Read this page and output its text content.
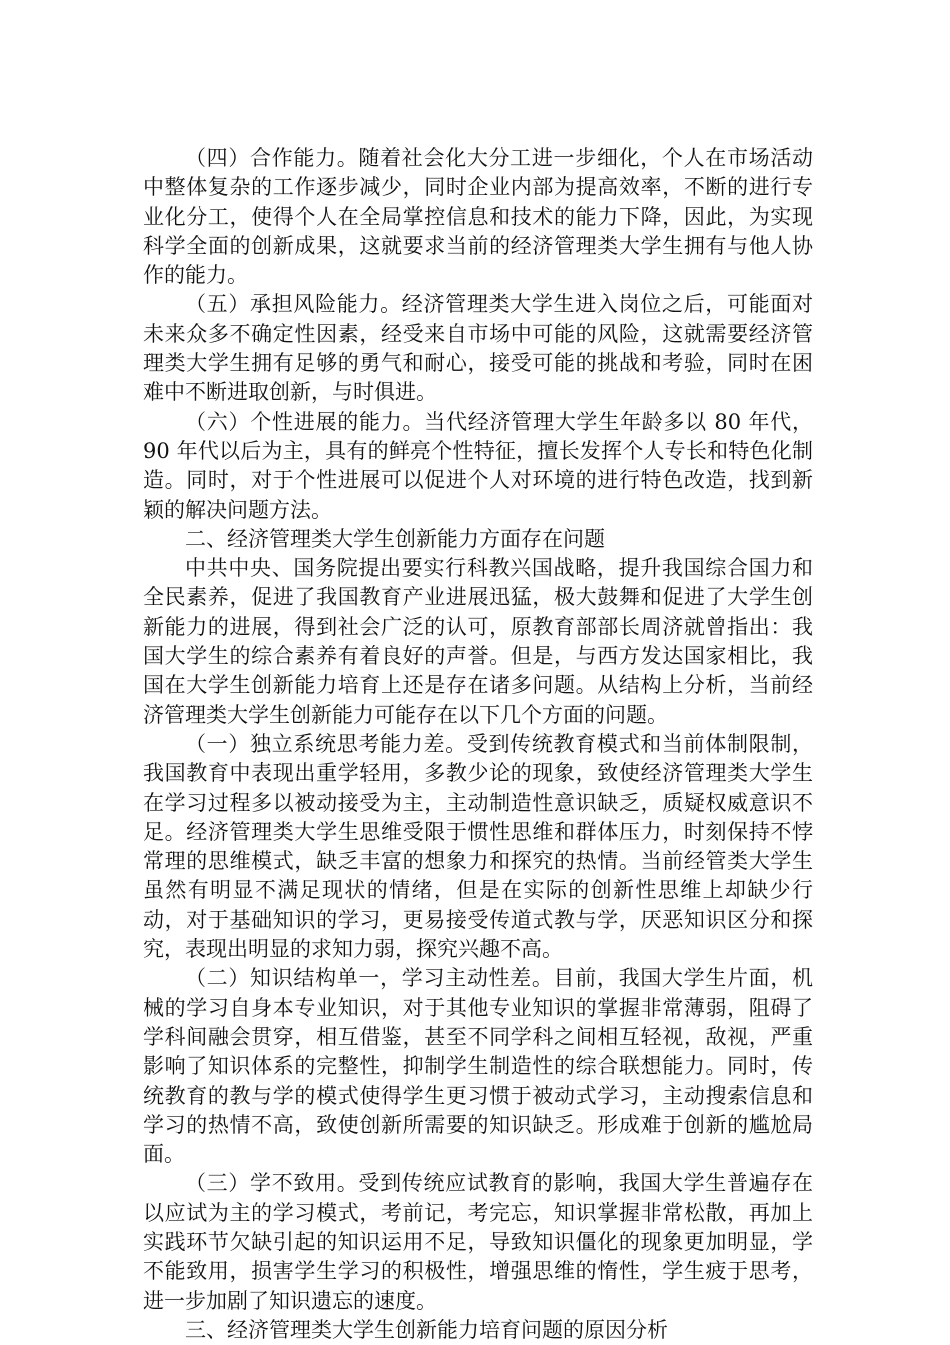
（四）合作能力。随着社会化大分工进一步细化，个人在市场活动中整体复杂的工作逐步减少，同时企业内部为提高效率，不断的进行专业化分工，使得个人在全局掌控信息和技术的能力下降，因此，为实现科学全面的创新成果，这就要求当前的经济管理类大学生拥有与他人协作的能力。

（五）承担风险能力。经济管理类大学生进入岗位之后，可能面对未来众多不确定性因素，经受来自市场中可能的风险，这就需要经济管理类大学生拥有足够的勇气和耐心，接受可能的挑战和考验，同时在困难中不断进取创新，与时俱进。

（六）个性进展的能力。当代经济管理大学生年龄多以 80 年代，90 年代以后为主，具有的鲜亮个性特征，擅长发挥个人专长和特色化制造。同时，对于个性进展可以促进个人对环境的进行特色改造，找到新颖的解决问题方法。

二、经济管理类大学生创新能力方面存在问题

中共中央、国务院提出要实行科教兴国战略，提升我国综合国力和全民素养，促进了我国教育产业进展迅猛，极大鼓舞和促进了大学生创新能力的进展，得到社会广泛的认可，原教育部部长周济就曾指出：我国大学生的综合素养有着良好的声誉。但是，与西方发达国家相比，我国在大学生创新能力培育上还是存在诸多问题。从结构上分析，当前经济管理类大学生创新能力可能存在以下几个方面的问题。

（一）独立系统思考能力差。受到传统教育模式和当前体制限制，我国教育中表现出重学轻用，多教少论的现象，致使经济管理类大学生在学习过程多以被动接受为主，主动制造性意识缺乏，质疑权威意识不足。经济管理类大学生思维受限于惯性思维和群体压力，时刻保持不悖常理的思维模式，缺乏丰富的想象力和探究的热情。当前经管类大学生虽然有明显不满足现状的情绪，但是在实际的创新性思维上却缺少行动，对于基础知识的学习，更易接受传道式教与学，厌恶知识区分和探究，表现出明显的求知力弱，探究兴趣不高。

（二）知识结构单一，学习主动性差。目前，我国大学生片面，机械的学习自身本专业知识，对于其他专业知识的掌握非常薄弱，阻碍了学科间融会贯穿，相互借鉴，甚至不同学科之间相互轻视，敌视，严重影响了知识体系的完整性，抑制学生制造性的综合联想能力。同时，传统教育的教与学的模式使得学生更习惯于被动式学习，主动搜索信息和学习的热情不高，致使创新所需要的知识缺乏。形成难于创新的尴尬局面。

（三）学不致用。受到传统应试教育的影响，我国大学生普遍存在以应试为主的学习模式，考前记，考完忘，知识掌握非常松散，再加上实践环节欠缺引起的知识运用不足，导致知识僵化的现象更加明显，学不能致用，损害学生学习的积极性，增强思维的惰性，学生疲于思考，进一步加剧了知识遗忘的速度。

三、经济管理类大学生创新能力培育问题的原因分析
